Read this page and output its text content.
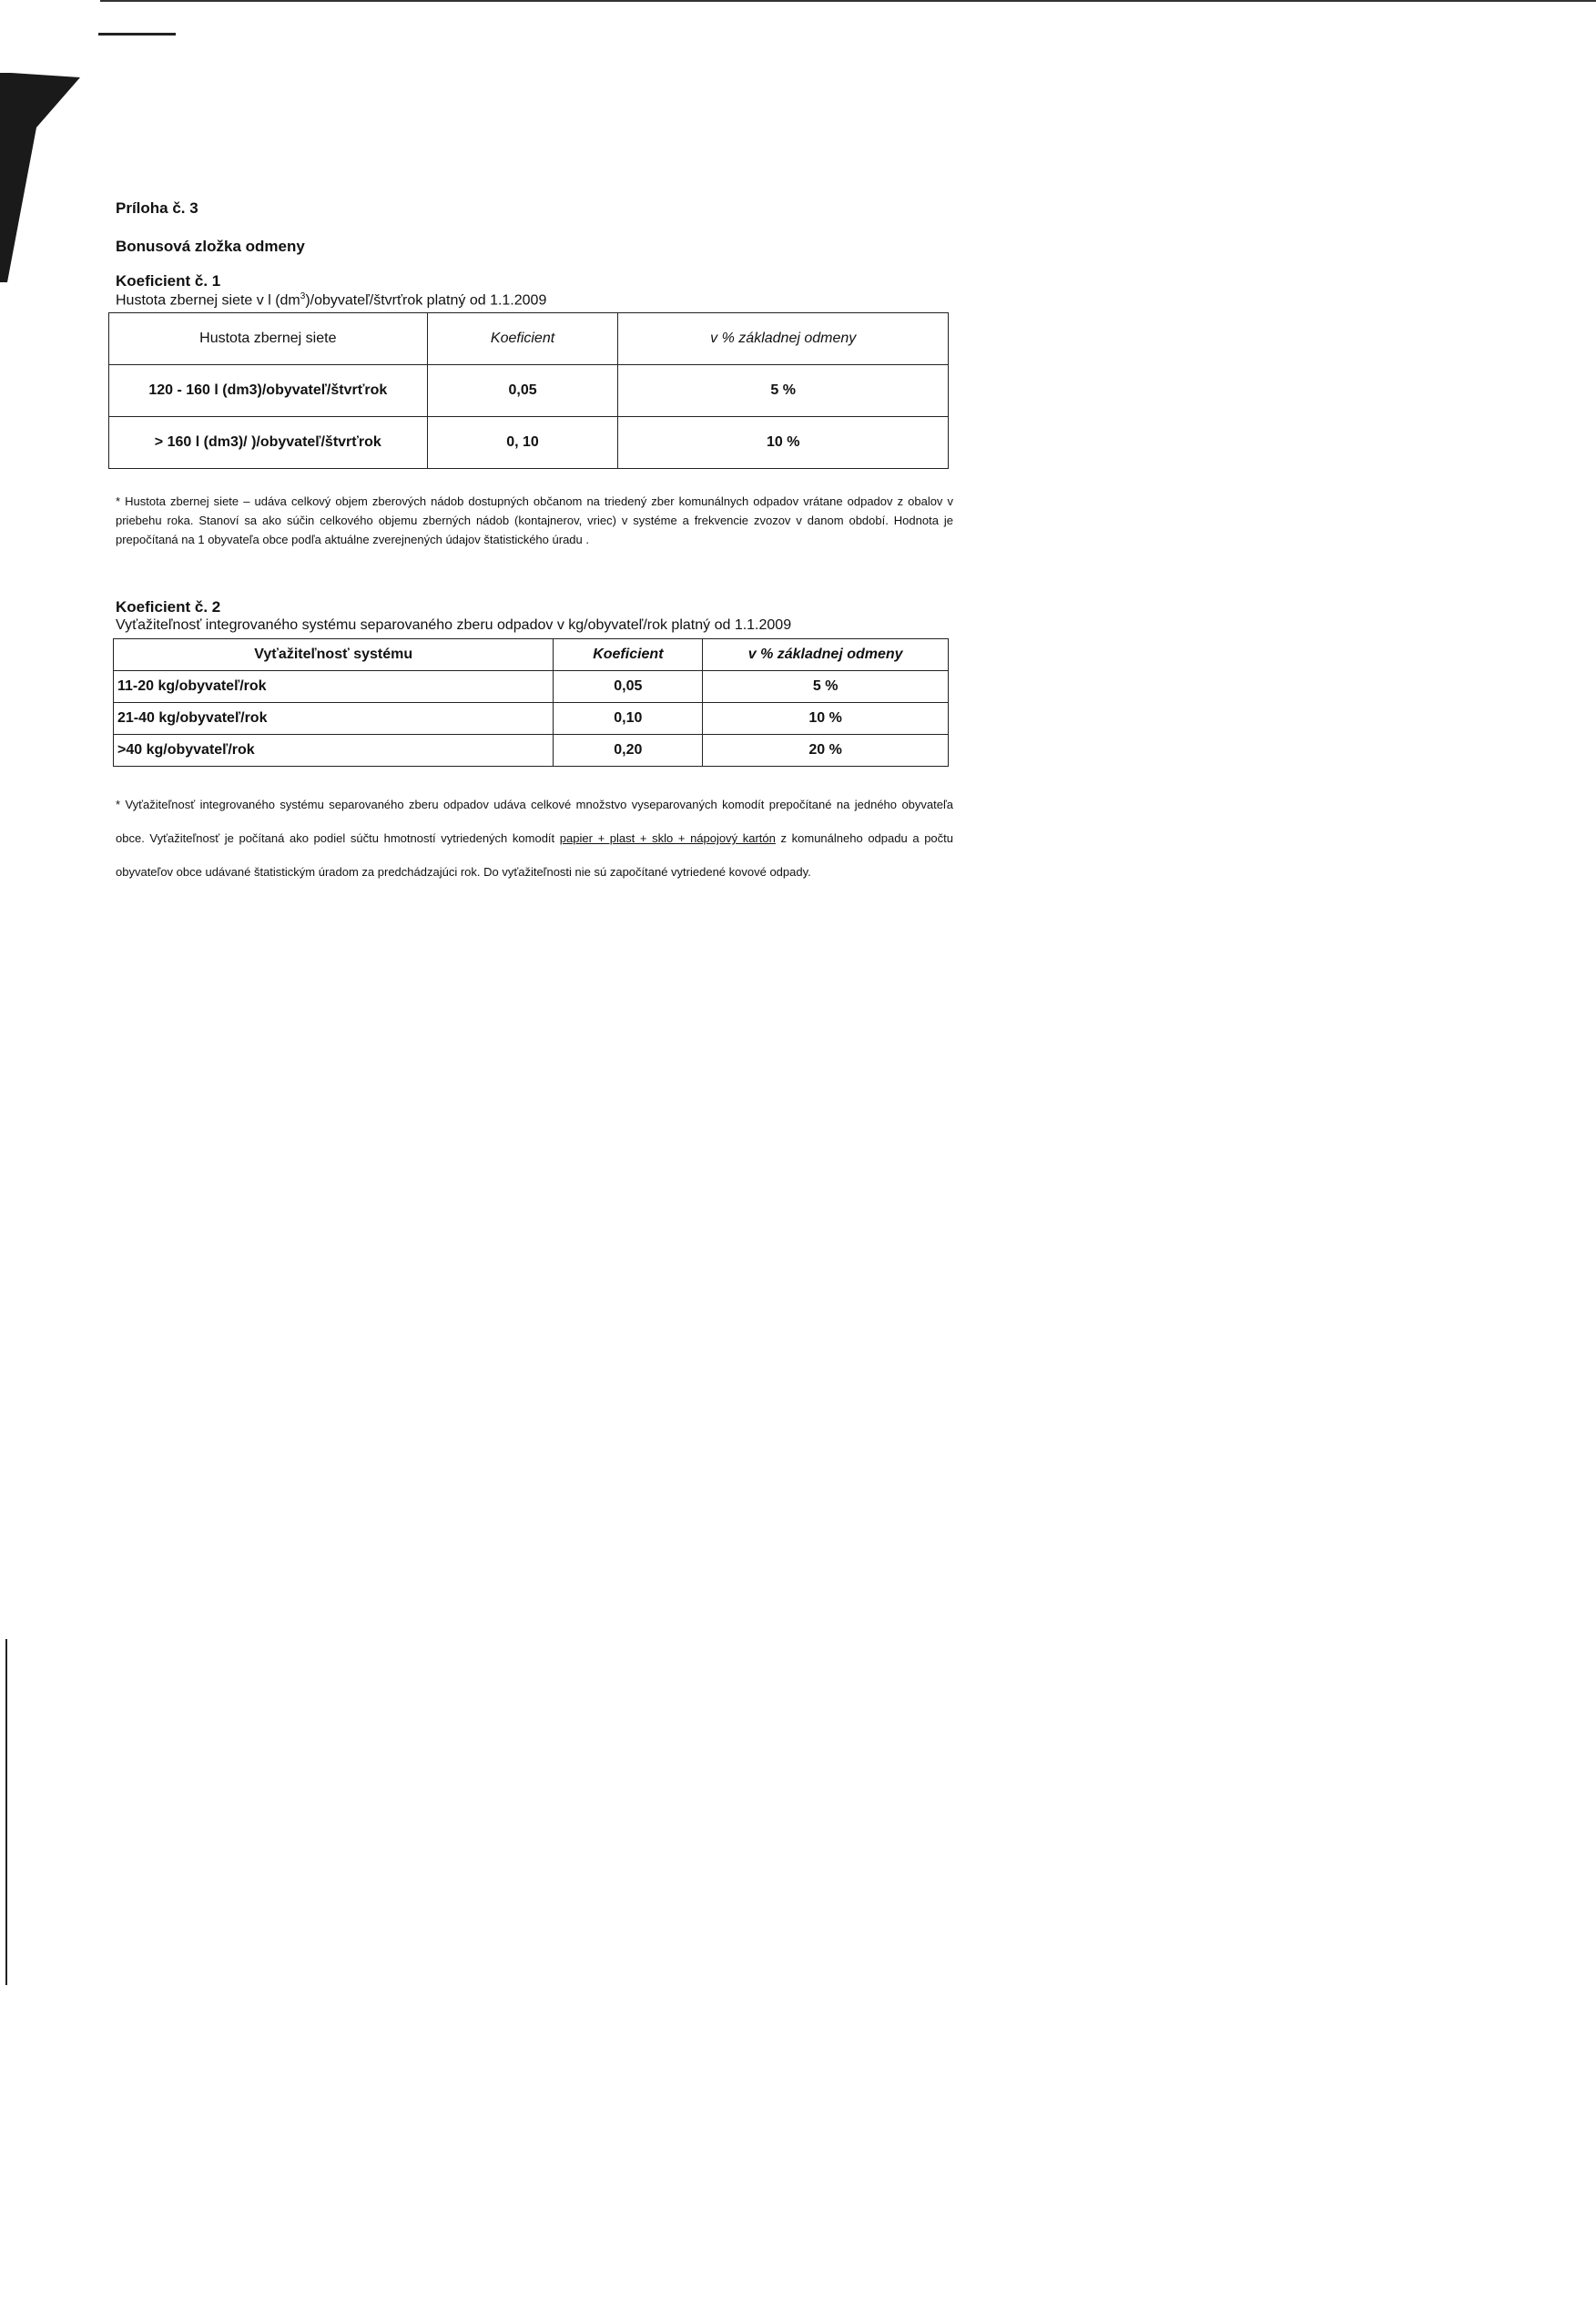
Príloha č. 3
Bonusová zložka odmeny
Koeficient č. 1
Hustota zbernej siete v l $(dm^3)/obyvateľ$/štvrťrok platný od 1.1.2009
Hustota zbernej siete	Koeficient	v % základnej odmeny
120 - 160 l (dm3)/obyvateľ/štvrťrok	0,05	5 %
> 160 l (dm3)/ )/obyvateľ/štvrťrok	0, 10	10 %
* Hustota zbernej siete – udáva celkový objem zberových nádob dostupných občanom na triedený zber komunálnych odpadov vrátane odpadov z obalov v priebehu roka. Stanoví sa ako súčin celkového objemu zberných nádob (kontajnerov, vriec) v systéme a frekvencie zvozov v danom období. Hodnota je prepočítaná na 1 obyvateľa obce podľa aktuálne zverejnených údajov štatistického úradu .
Koeficient č. 2
Vyťažiteľnosť integrovaného systému separovaného zberu odpadov v kg/obyvateľ/rok platný od 1.1.2009
Vyťažiteľnosť systému	Koeficient	v % základnej odmeny
11-20 kg/obyvateľ/rok	0,05	5 %
21-40 kg/obyvateľ/rok	0,10	10 %
>40 kg/obyvateľ/rok	0,20	20 %
* Vyťažiteľnosť integrovaného systému separovaného zberu odpadov udáva celkové množstvo vyseparovaných komodít prepočítané na jedného obyvateľa obce. Vyťažiteľnosť je počítaná ako podiel súčtu hmotností vytriedených komodít papier + plast + sklo + nápojový kartón z komunálneho odpadu a počtu obyvateľov obce udávané štatistickým úradom za predchádzajúci rok. Do vyťažiteľnosti nie sú započítané vytriedené kovové odpady.
